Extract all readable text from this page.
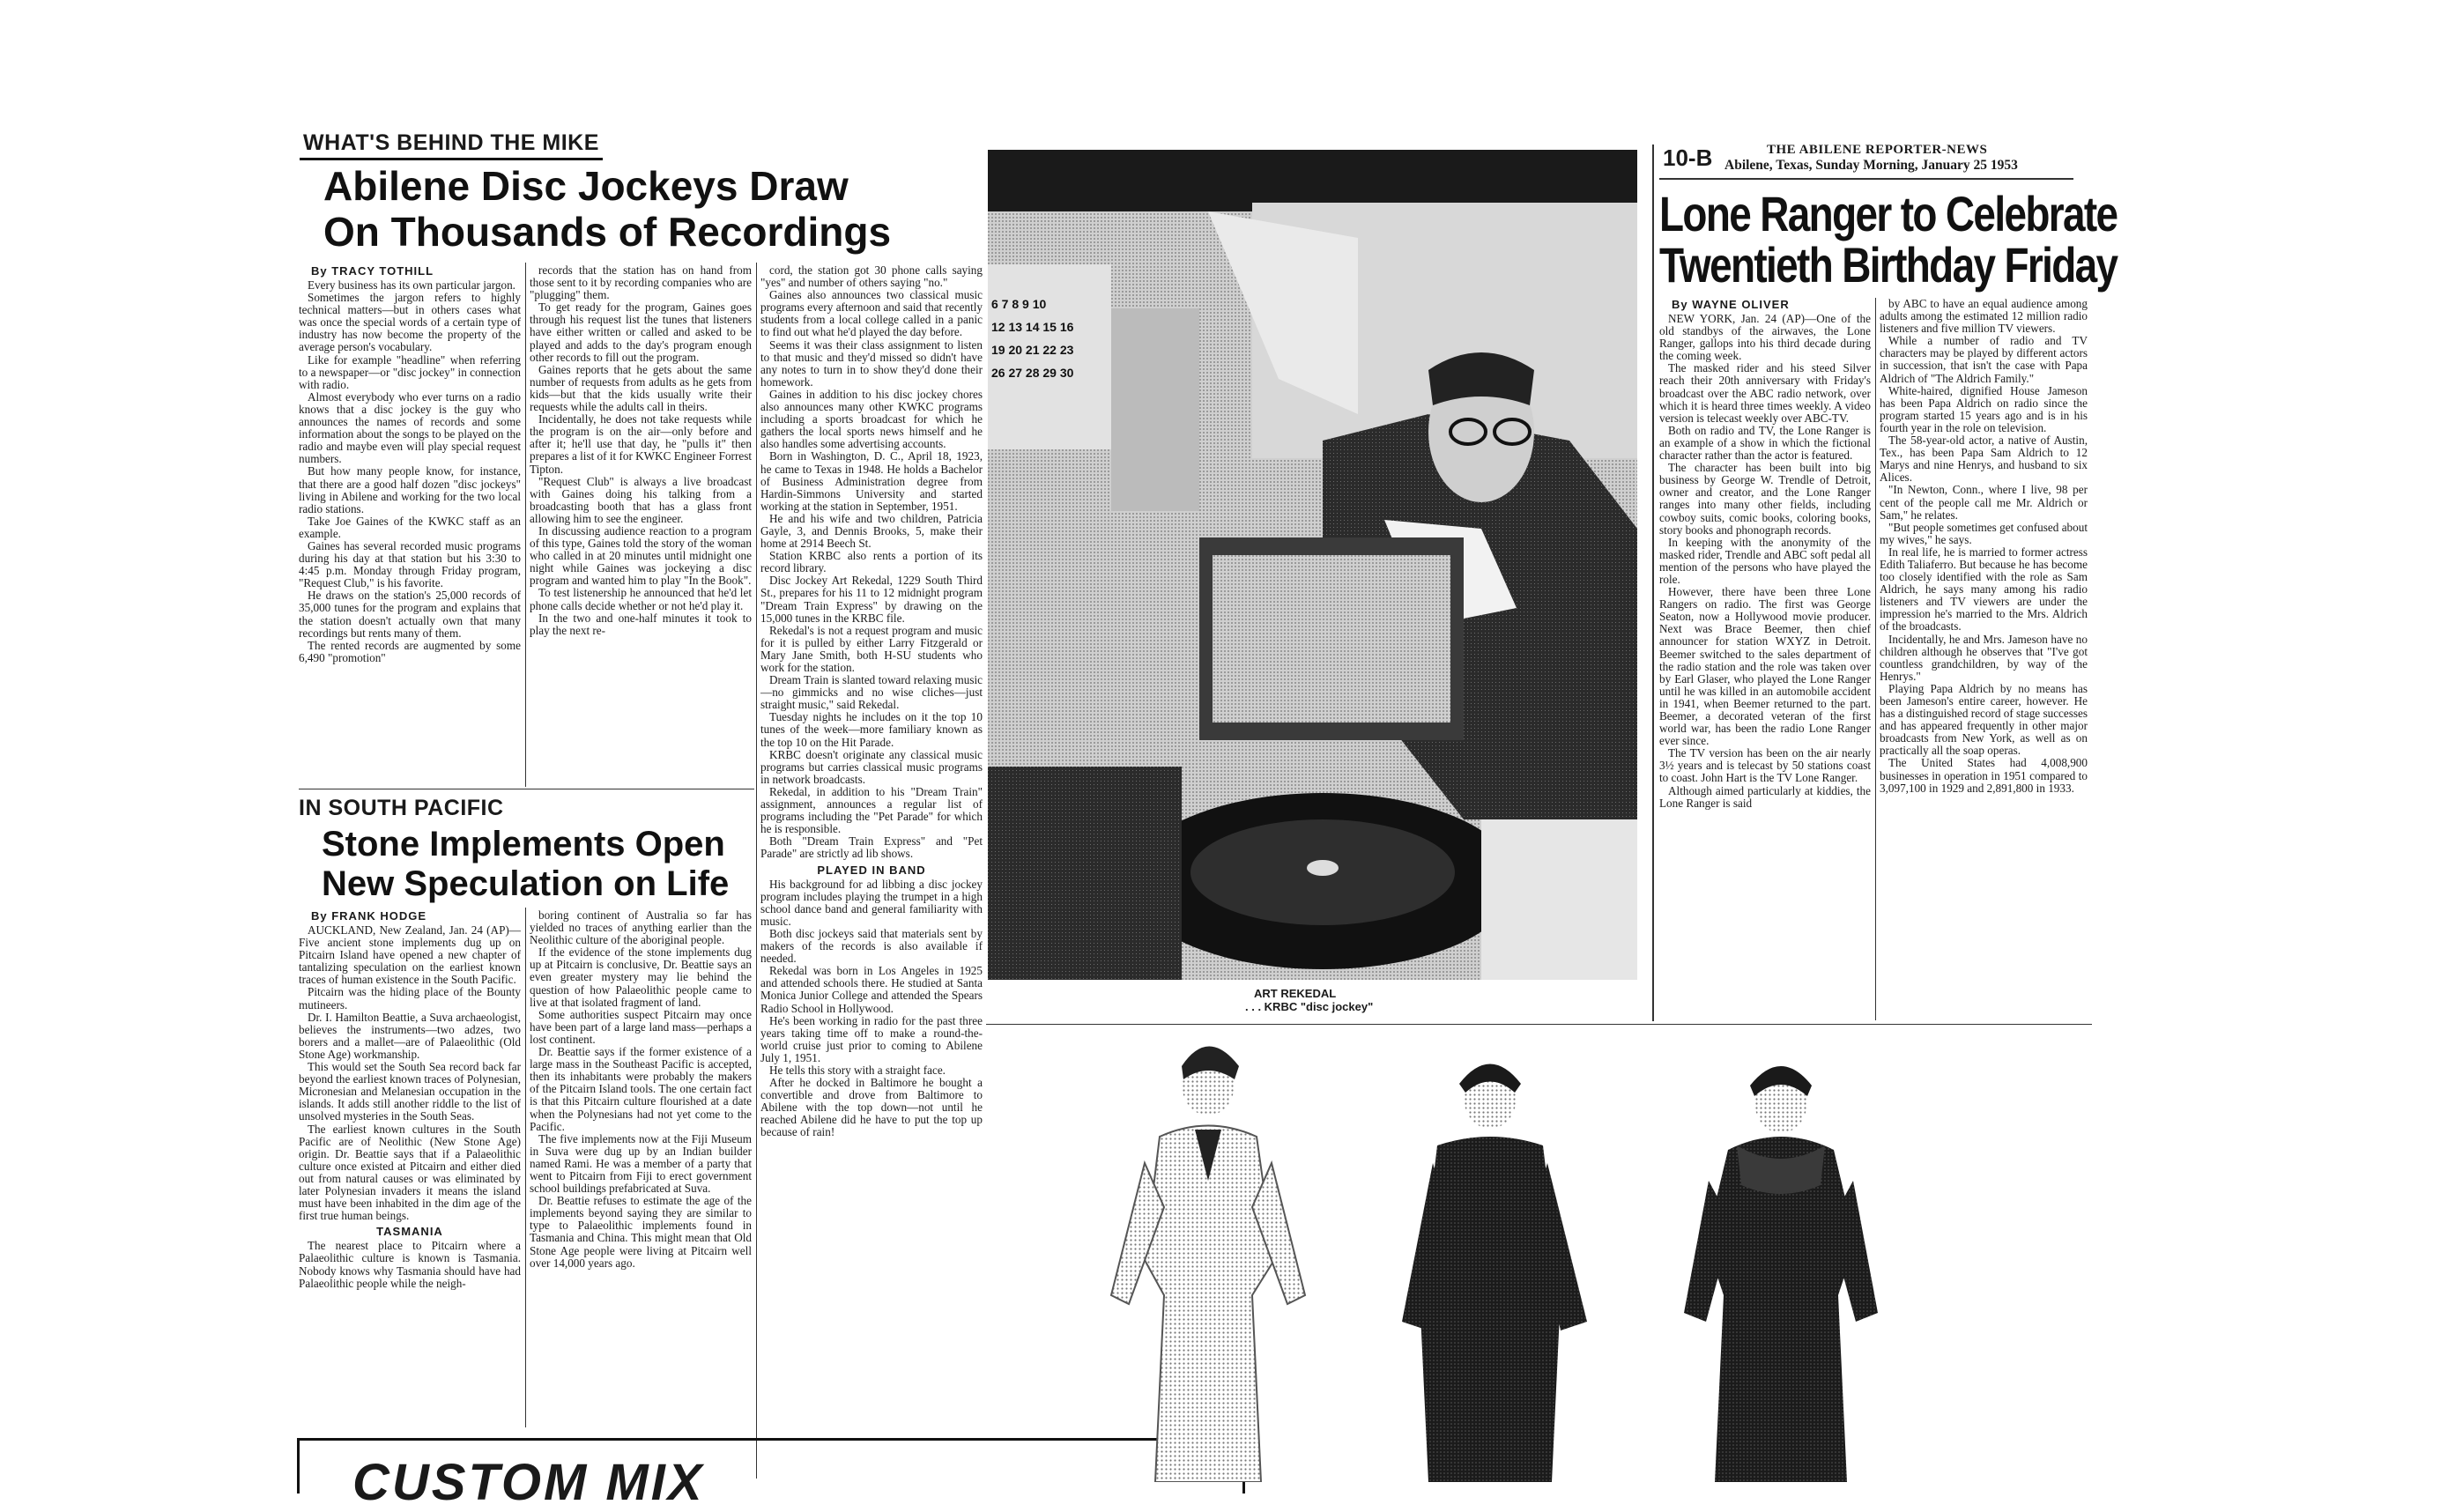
WHAT'S BEHIND THE MIKE
Abilene Disc Jockeys Draw
On Thousands of Recordings
By TRACY TOTHILL

Every business has its own particular jargon.

Sometimes the jargon refers to highly technical matters—but in others cases what was once the special words of a certain type of industry has now become the property of the average person's vocabulary.

Like for example "headline" when referring to a newspaper—or "disc jockey" in connection with radio.

Almost everybody who ever turns on a radio knows that a disc jockey is the guy who announces the names of records and some information about the songs to be played on the radio and maybe even will play special request numbers.

But how many people know, for instance, that there are a good half dozen "disc jockeys" living in Abilene and working for the two local radio stations.

Take Joe Gaines of the KWKC staff as an example.

Gaines has several recorded music programs during his day at that station but his 3:30 to 4:45 p.m. Monday through Friday program, "Request Club," is his favorite.

He draws on the station's 25,000 records of 35,000 tunes for the program and explains that the station doesn't actually own that many recordings but rents many of them.

The rented records are augmented by some 6,490 "promotion"

records that the station has on hand from those sent to it by recording companies who are "plugging" them.

To get ready for the program, Gaines goes through his request list the tunes that listeners have either written or called and asked to be played and adds to the day's program enough other records to fill out the program.

Gaines reports that he gets about the same number of requests from adults as he gets from kids—but that the kids usually write their requests while the adults call in theirs.

Incidentally, he does not take requests while the program is on the air—only before and after it; he'll use that day, he "pulls it" then prepares a list of it for KWKC Engineer Forrest Tipton.

"Request Club" is always a live broadcast with Gaines doing his talking from a broadcasting booth that has a glass front allowing him to see the engineer.

In discussing audience reaction to a program of this type, Gaines told the story of the woman who called in at 20 minutes until midnight one night while Gaines was jockeying a disc program and wanted him to play "In the Book".

To test listenership he announced that he'd let phone calls decide whether or not he'd play it.

In the two and one-half minutes it took to play the next re-

cord, the station got 30 phone calls saying "yes" and number of others saying "no."

Gaines also announces two classical music programs every afternoon and said that recently students from a local college called in a panic to find out what he'd played the day before.

Seems it was their class assignment to listen to that music and they'd missed so didn't have any notes to turn in to show they'd done their homework.

Gaines in addition to his disc jockey chores also announces many other KWKC programs including a sports broadcast for which he gathers the local sports news himself and he also handles some advertising accounts.

Born in Washington, D. C., April 18, 1923, he came to Texas in 1948. He holds a Bachelor of Business Administration degree from Hardin-Simmons University and started working at the station in September, 1951.

He and his wife and two children, Patricia Gayle, 3, and Dennis Brooks, 5, make their home at 2914 Beech St.

Station KRBC also rents a portion of its record library.

Disc Jockey Art Rekedal, 1229 South Third St., prepares for his 11 to 12 midnight program "Dream Train Express" by drawing on the 15,000 tunes in the KRBC file.

Rekedal's is not a request program and music for it is pulled by either Larry Fitzgerald or Mary Jane Smith, both H-SU students who work for the station.

Dream Train is slanted toward relaxing music—no gimmicks and no wise cliches—just straight music," said Rekedal.

Tuesday nights he includes on it the top 10 tunes of the week—more familiary known as the top 10 on the Hit Parade.

KRBC doesn't originate any classical music programs but carries classical music programs in network broadcasts.

Rekedal, in addition to his "Dream Train" assignment, announces a regular list of programs including the "Pet Parade" for which he is responsible.

Both "Dream Train Express" and "Pet Parade" are strictly ad lib shows.

PLAYED IN BAND

His background for ad libbing a disc jockey program includes playing the trumpet in a high school dance band and general familiarity with music.

Both disc jockeys said that materials sent by makers of the records is also available if needed.

Rekedal was born in Los Angeles in 1925 and attended schools there. He studied at Santa Monica Junior College and attended the Spears Radio School in Hollywood.

He's been working in radio for the past three years taking time off to make a round-the-world cruise just prior to coming to Abilene July 1, 1951.

He tells this story with a straight face.

After he docked in Baltimore he bought a convertible and drove from Baltimore to Abilene with the top down—not until he reached Abilene did he have to put the top up because of rain!

IN SOUTH PACIFIC
Stone Implements Open
New Speculation on Life
By FRANK HODGE

AUCKLAND, New Zealand, Jan. 24 (AP)—Five ancient stone implements dug up on Pitcairn Island have opened a new chapter of tantalizing speculation on the earliest known traces of human existence in the South Pacific.

Pitcairn was the hiding place of the Bounty mutineers.

Dr. I. Hamilton Beattie, a Suva archaeologist, believes the instruments—two adzes, two borers and a mallet—are of Palaeolithic (Old Stone Age) workmanship.

This would set the South Sea record back far beyond the earliest known traces of Polynesian, Micronesian and Melanesian occupation in the islands. It adds still another riddle to the list of unsolved mysteries in the South Seas.

The earliest known cultures in the South Pacific are of Neolithic (New Stone Age) origin. Dr. Beattie says that if a Palaeolithic culture once existed at Pitcairn and either died out from natural causes or was eliminated by later Polynesian invaders it means the island must have been inhabited in the dim age of the first true human beings.

TASMANIA

The nearest place to Pitcairn where a Palaeolithic culture is known is Tasmania. Nobody knows why Tasmania should have had Palaeolithic people while the neigh-

boring continent of Australia so far has yielded no traces of anything earlier than the Neolithic culture of the aboriginal people.

If the evidence of the stone implements dug up at Pitcairn is conclusive, Dr. Beattie says an even greater mystery may lie behind the question of how Palaeolithic people came to live at that isolated fragment of land.

Some authorities suspect Pitcairn may once have been part of a large land mass—perhaps a lost continent.

Dr. Beattie says if the former existence of a large mass in the Southeast Pacific is accepted, then its inhabitants were probably the makers of the Pitcairn Island tools. The one certain fact is that this Pitcairn culture flourished at a date when the Polynesians had not yet come to the Pacific.

The five implements now at the Fiji Museum in Suva were dug up by an Indian builder named Rami. He was a member of a party that went to Pitcairn from Fiji to erect government school buildings prefabricated at Suva.

Dr. Beattie refuses to estimate the age of the implements beyond saying they are similar to type to Palaeolithic implements found in Tasmania and China. This might mean that Old Stone Age people were living at Pitcairn well over 14,000 years ago.

CUSTOM MIX
6 7 8 9 10
12 13 14 15 16
19 20 21 22 23
26 27 28 29 30
ART REKEDAL
. . . KRBC "disc jockey"
10-B	THE ABILENE REPORTER-NEWS
Abilene, Texas, Sunday Morning, January 25 1953
Lone Ranger to Celebrate
Twentieth Birthday Friday
By WAYNE OLIVER

NEW YORK, Jan. 24 (AP)—One of the old standbys of the airwaves, the Lone Ranger, gallops into his third decade during the coming week.

The masked rider and his steed Silver reach their 20th anniversary with Friday's broadcast over the ABC radio network, over which it is heard three times weekly. A video version is telecast weekly over ABC-TV.

Both on radio and TV, the Lone Ranger is an example of a show in which the fictional character rather than the actor is featured.

The character has been built into big business by George W. Trendle of Detroit, owner and creator, and the Lone Ranger ranges into many other fields, including cowboy suits, comic books, coloring books, story books and phonograph records.

In keeping with the anonymity of the masked rider, Trendle and ABC soft pedal all mention of the persons who have played the role.

However, there have been three Lone Rangers on radio. The first was George Seaton, now a Hollywood movie producer. Next was Brace Beemer, then chief announcer for station WXYZ in Detroit. Beemer switched to the sales department of the radio station and the role was taken over by Earl Glaser, who played the Lone Ranger until he was killed in an automobile accident in 1941, when Beemer returned to the part. Beemer, a decorated veteran of the first world war, has been the radio Lone Ranger ever since.

The TV version has been on the air nearly 3½ years and is telecast by 50 stations coast to coast. John Hart is the TV Lone Ranger.

Although aimed particularly at kiddies, the Lone Ranger is said

by ABC to have an equal audience among adults among the estimated 12 million radio listeners and five million TV viewers.

While a number of radio and TV characters may be played by different actors in succession, that isn't the case with Papa Aldrich of "The Aldrich Family."

White-haired, dignified House Jameson has been Papa Aldrich on radio since the program started 15 years ago and is in his fourth year in the role on television.

The 58-year-old actor, a native of Austin, Tex., has been Papa Sam Aldrich to 12 Marys and nine Henrys, and husband to six Alices.

"In Newton, Conn., where I live, 98 per cent of the people call me Mr. Aldrich or Sam," he relates.

"But people sometimes get confused about my wives," he says.

In real life, he is married to former actress Edith Taliaferro. But because he has become too closely identified with the role as Sam Aldrich, he says many among his radio listeners and TV viewers are under the impression he's married to the Mrs. Aldrich of the broadcasts.

Incidentally, he and Mrs. Jameson have no children although he observes that "I've got countless grandchildren, by way of the Henrys."

Playing Papa Aldrich by no means has been Jameson's entire career, however. He has a distinguished record of stage successes and has appeared frequently in other major broadcasts from New York, as well as on practically all the soap operas.

The United States had 4,008,900 businesses in operation in 1951 compared to 3,097,100 in 1929 and 2,891,800 in 1933.
